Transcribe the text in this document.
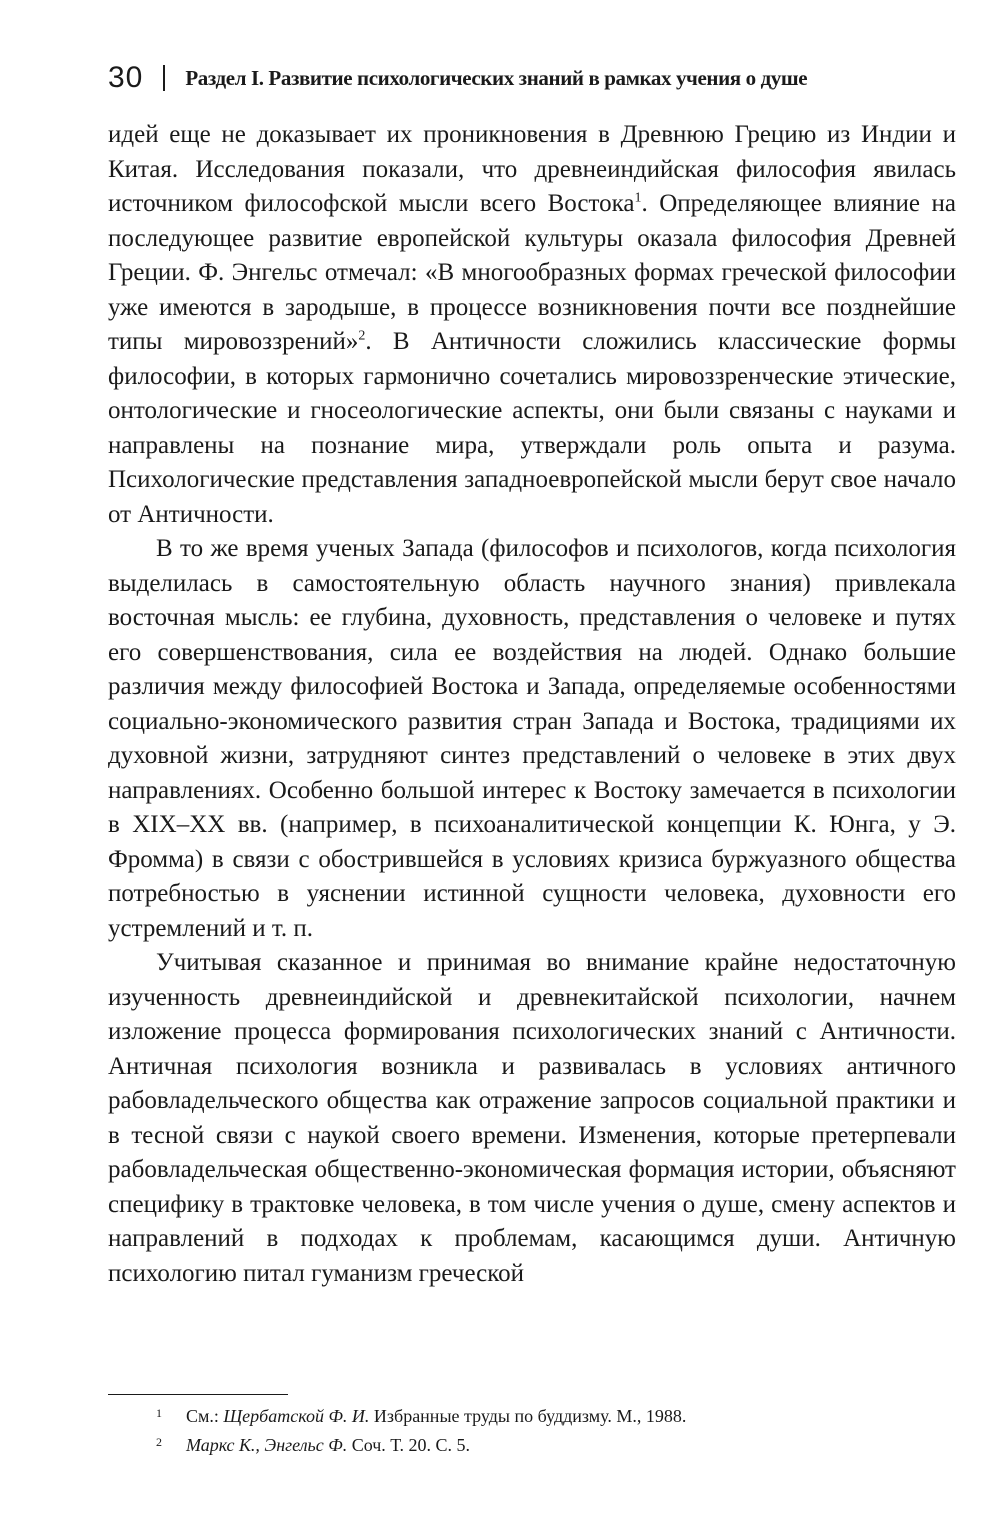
30 Раздел I. Развитие психологических знаний в рамках учения о душе

идей еще не доказывает их проникновения в Древнюю Грецию из Индии и Китая. Исследования показали, что древнеиндийская философия явилась источником философской мысли всего Востока$^1$. Определяющее влияние на последующее развитие европейской культуры оказала философия Древней Греции. Ф. Энгельс отмечал: «В многообразных формах греческой философии уже имеются в зародыше, в процессе возникновения почти все позднейшие типы мировоззрений»$^2$. В Античности сложились классические формы философии, в которых гармонично сочетались мировоззренческие этические, онтологические и гносеологические аспекты, они были связаны с науками и направлены на познание мира, утверждали роль опыта и разума. Психологические представления западноевропейской мысли берут свое начало от Античности.

В то же время ученых Запада (философов и психологов, когда психология выделилась в самостоятельную область научного знания) привлекала восточная мысль: ее глубина, духовность, представления о человеке и путях его совершенствования, сила ее воздействия на людей. Однако большие различия между философией Востока и Запада, определяемые особенностями социально-экономического развития стран Запада и Востока, традициями их духовной жизни, затрудняют синтез представлений о человеке в этих двух направлениях. Особенно большой интерес к Востоку замечается в психологии в XIX–XX вв. (например, в психоаналитической концепции К. Юнга, у Э. Фромма) в связи с обострившейся в условиях кризиса буржуазного общества потребностью в уяснении истинной сущности человека, духовности его устремлений и т. п.

Учитывая сказанное и принимая во внимание крайне недостаточную изученность древнеиндийской и древнекитайской психологии, начнем изложение процесса формирования психологических знаний с Античности. Античная психология возникла и развивалась в условиях античного рабовладельческого общества как отражение запросов социальной практики и в тесной связи с наукой своего времени. Изменения, которые претерпевали рабовладельческая общественно-экономическая формация истории, объясняют специфику в трактовке человека, в том числе учения о душе, смену аспектов и направлений в подходах к проблемам, касающимся души. Античную психологию питал гуманизм греческой

1 См.: Щербатской Ф. И. Избранные труды по буддизму. М., 1988.
2 Маркс К., Энгельс Ф. Соч. Т. 20. С. 5.
